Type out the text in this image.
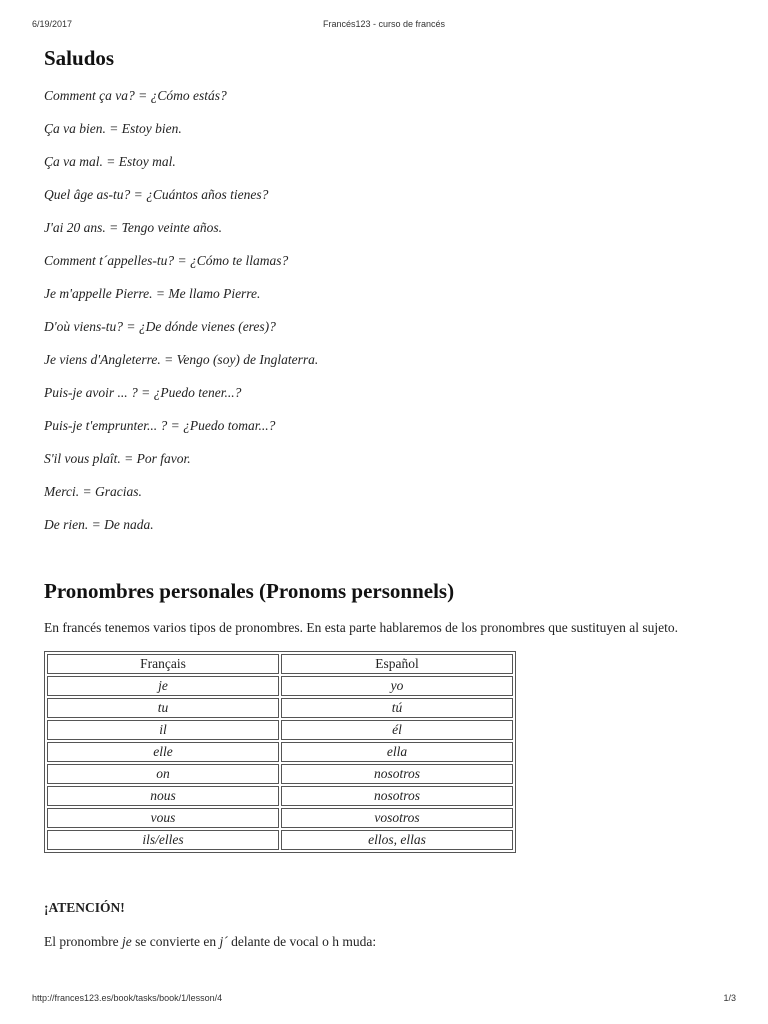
6/19/2017	Francés123 - curso de francés
Saludos

Comment ça va? = ¿Cómo estás?

Ça va bien. = Estoy bien.

Ça va mal. = Estoy mal.

Quel âge as-tu? = ¿Cuántos años tienes?

J'ai 20 ans. = Tengo veinte años.

Comment t´appelles-tu? = ¿Cómo te llamas?

Je m'appelle Pierre. = Me llamo Pierre.

D'où viens-tu? = ¿De dónde vienes (eres)?

Je viens d'Angleterre. = Vengo (soy) de Inglaterra.

Puis-je avoir ... ? = ¿Puedo tener...?

Puis-je t'emprunter... ? = ¿Puedo tomar...?

S'il vous plaît. = Por favor.

Merci. = Gracias.

De rien. = De nada.

Pronombres personales (Pronoms personnels)

En francés tenemos varios tipos de pronombres. En esta parte hablaremos de los pronombres que sustituyen al sujeto.

Français	Español
je	yo
tu	tú
il	él
elle	ella
on	nosotros
nous	nosotros
vous	vosotros
ils/elles	ellos, ellas
¡ATENCIÓN!

El pronombre je se convierte en j´ delante de vocal o h muda:

http://frances123.es/book/tasks/book/1/lesson/4	1/3
